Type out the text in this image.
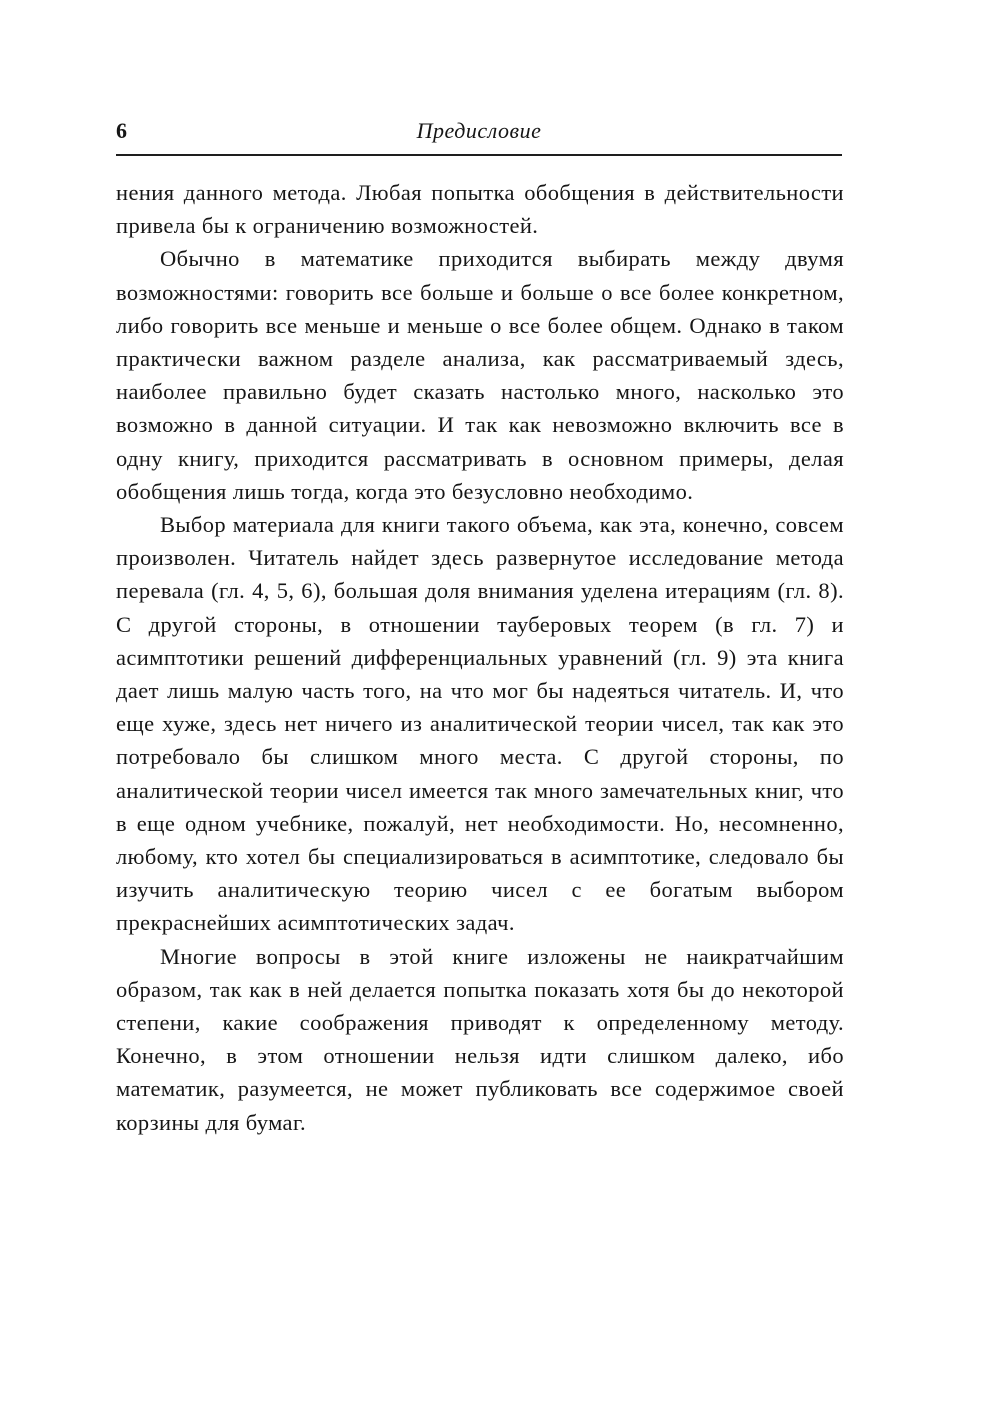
6	Предисловие

нения данного метода. Любая попытка обобщения в действительности привела бы к ограничению возможностей.

Обычно в математике приходится выбирать между двумя возможностями: говорить все больше и больше о все более конкретном, либо говорить все меньше и меньше о все более общем. Однако в таком практически важном разделе анализа, как рассматриваемый здесь, наиболее правильно будет сказать настолько много, насколько это возможно в данной ситуации. И так как невозможно включить все в одну книгу, приходится рассматривать в основном примеры, делая обобщения лишь тогда, когда это безусловно необходимо.

Выбор материала для книги такого объема, как эта, конечно, совсем произволен. Читатель найдет здесь развернутое исследование метода перевала (гл. 4, 5, 6), большая доля внимания уделена итерациям (гл. 8). С другой стороны, в отношении тауберовых теорем (в гл. 7) и асимптотики решений дифференциальных уравнений (гл. 9) эта книга дает лишь малую часть того, на что мог бы надеяться читатель. И, что еще хуже, здесь нет ничего из аналитической теории чисел, так как это потребовало бы слишком много места. С другой стороны, по аналитической теории чисел имеется так много замечательных книг, что в еще одном учебнике, пожалуй, нет необходимости. Но, несомненно, любому, кто хотел бы специализироваться в асимптотике, следовало бы изучить аналитическую теорию чисел с ее богатым выбором прекраснейших асимптотических задач.

Многие вопросы в этой книге изложены не наикратчайшим образом, так как в ней делается попытка показать хотя бы до некоторой степени, какие соображения приводят к определенному методу. Конечно, в этом отношении нельзя идти слишком далеко, ибо математик, разумеется, не может публиковать все содержимое своей корзины для бумаг.
